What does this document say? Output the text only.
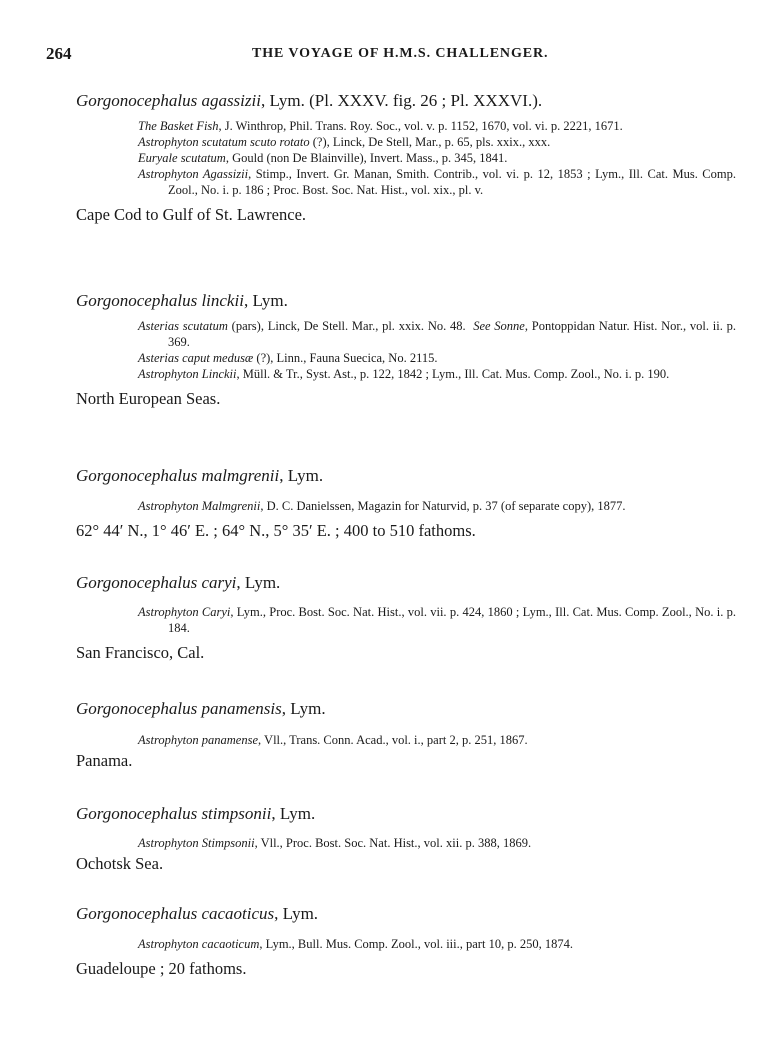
264	THE VOYAGE OF H.M.S. CHALLENGER.
Gorgonocephalus agassizii, Lym. (Pl. XXXV. fig. 26 ; Pl. XXXVI.).
The Basket Fish, J. Winthrop, Phil. Trans. Roy. Soc., vol. v. p. 1152, 1670, vol. vi. p. 2221, 1671.
Astrophyton scutatum scuto rotato (?), Linck, De Stell, Mar., p. 65, pls. xxix., xxx.
Euryale scutatum, Gould (non De Blainville), Invert. Mass., p. 345, 1841.
Astrophyton Agassizii, Stimp., Invert. Gr. Manan, Smith. Contrib., vol. vi. p. 12, 1853 ; Lym., Ill. Cat. Mus. Comp. Zool., No. i. p. 186 ; Proc. Bost. Soc. Nat. Hist., vol. xix., pl. v.
Cape Cod to Gulf of St. Lawrence.
Gorgonocephalus linckii, Lym.
Asterias scutatum (pars), Linck, De Stell. Mar., pl. xxix. No. 48. See Sonne, Pontoppidan Natur. Hist. Nor., vol. ii. p. 369.
Asterias caput medusæ (?), Linn., Fauna Suecica, No. 2115.
Astrophyton Linckii, Müll. & Tr., Syst. Ast., p. 122, 1842 ; Lym., Ill. Cat. Mus. Comp. Zool., No. i. p. 190.
North European Seas.
Gorgonocephalus malmgrenii, Lym.
Astrophyton Malmgrenii, D. C. Danielssen, Magazin for Naturvid, p. 37 (of separate copy), 1877.
62° 44′ N., 1° 46′ E. ; 64° N., 5° 35′ E. ; 400 to 510 fathoms.
Gorgonocephalus caryi, Lym.
Astrophyton Caryi, Lym., Proc. Bost. Soc. Nat. Hist., vol. vii. p. 424, 1860 ; Lym., Ill. Cat. Mus. Comp. Zool., No. i. p. 184.
San Francisco, Cal.
Gorgonocephalus panamensis, Lym.
Astrophyton panamense, Vll., Trans. Conn. Acad., vol. i., part 2, p. 251, 1867.
Panama.
Gorgonocephalus stimpsonii, Lym.
Astrophyton Stimpsonii, Vll., Proc. Bost. Soc. Nat. Hist., vol. xii. p. 388, 1869.
Ochotsk Sea.
Gorgonocephalus cacaoticus, Lym.
Astrophyton cacaoticum, Lym., Bull. Mus. Comp. Zool., vol. iii., part 10, p. 250, 1874.
Guadeloupe ; 20 fathoms.
